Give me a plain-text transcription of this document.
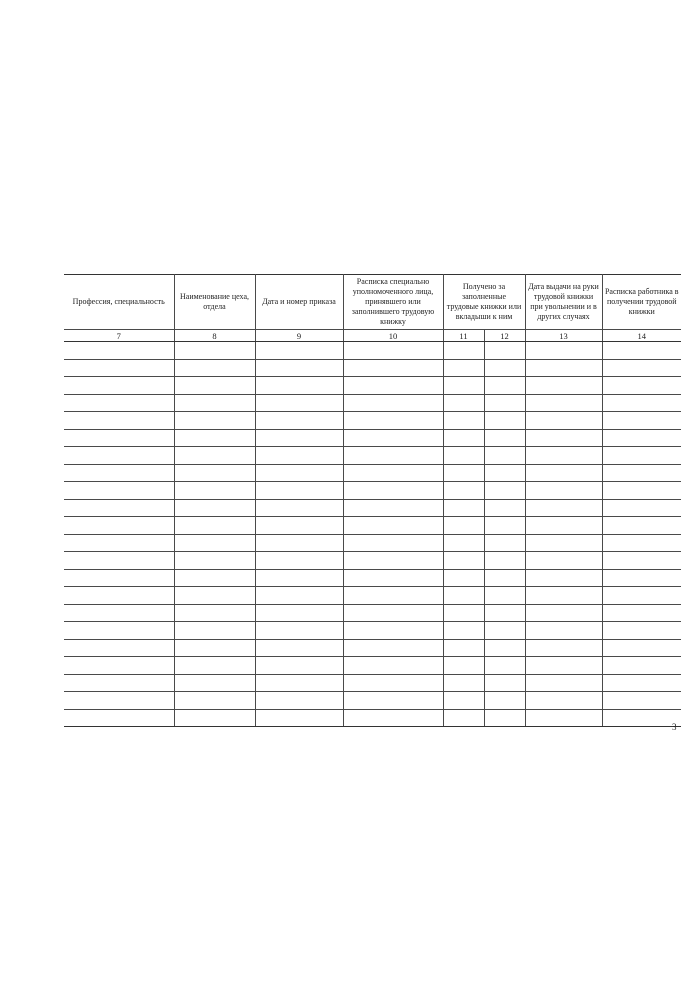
Профессия, специальность	Наименование цеха, отдела	Дата и номер приказа	Расписка специально уполномоченного лица, принявшего или заполнившего трудовую книжку	Получено за заполненные трудовые книжки или вкладыши к ним		Дата выдачи на руки трудовой книжки при увольнении и в других случаях	Расписка работника в получении трудовой книжки
7	8	9	10	11	12	13	14

3
